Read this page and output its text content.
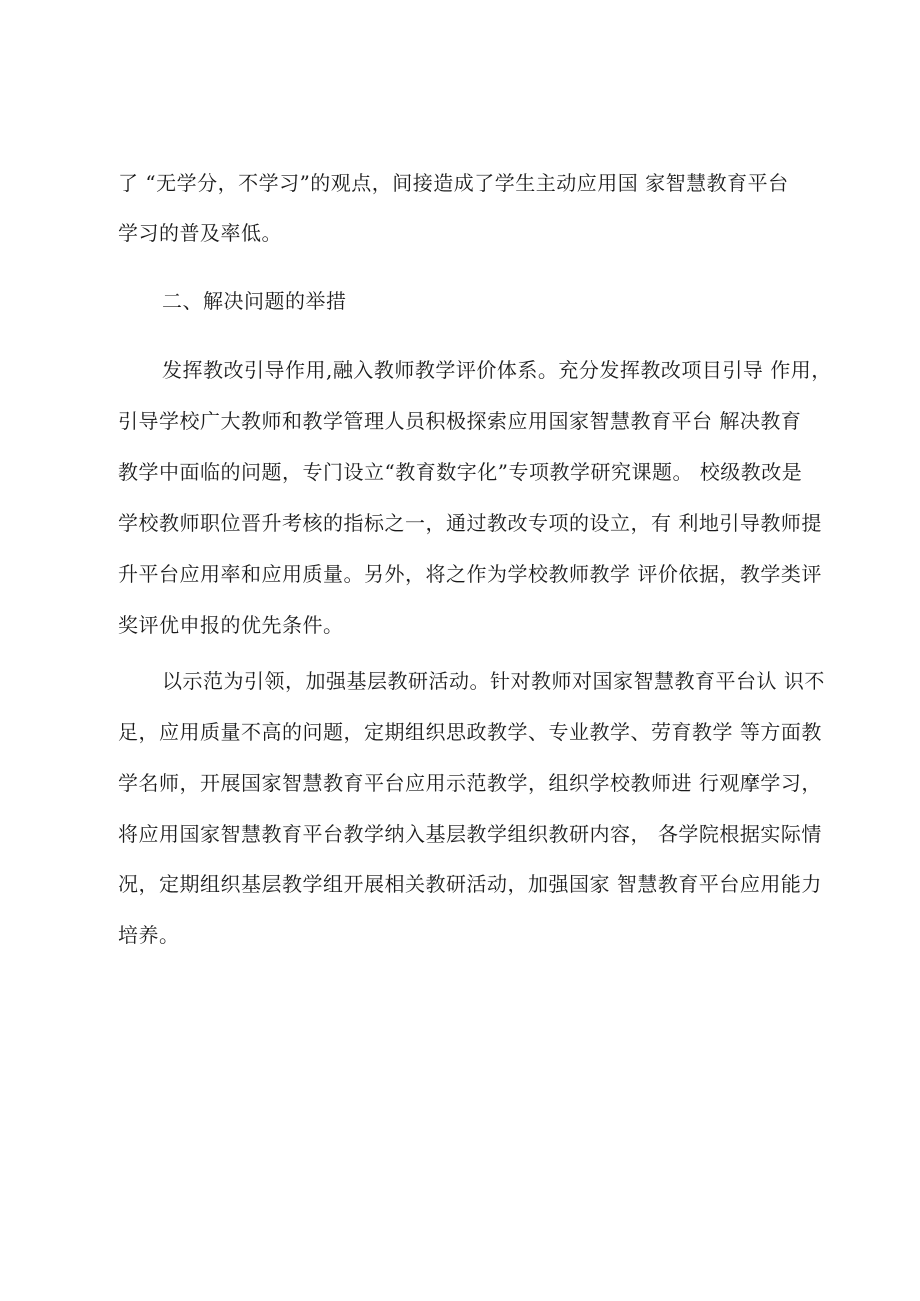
了 “无学分，不学习”的观点，间接造成了学生主动应用国 家智慧教育平台
学习的普及率低。
二、解决问题的举措
发挥教改引导作用,融入教师教学评价体系。充分发挥教改项目引导 作用，
引导学校广大教师和教学管理人员积极探索应用国家智慧教育平台 解决教育
教学中面临的问题，专门设立“教育数字化”专项教学研究课题。 校级教改是
学校教师职位晋升考核的指标之一，通过教改专项的设立，有 利地引导教师提
升平台应用率和应用质量。另外，将之作为学校教师教学 评价依据，教学类评
奖评优申报的优先条件。
以示范为引领，加强基层教研活动。针对教师对国家智慧教育平台认 识不
足，应用质量不高的问题，定期组织思政教学、专业教学、劳育教学 等方面教
学名师，开展国家智慧教育平台应用示范教学，组织学校教师进 行观摩学习，
将应用国家智慧教育平台教学纳入基层教学组织教研内容， 各学院根据实际情
况，定期组织基层教学组开展相关教研活动，加强国家 智慧教育平台应用能力
培养。
